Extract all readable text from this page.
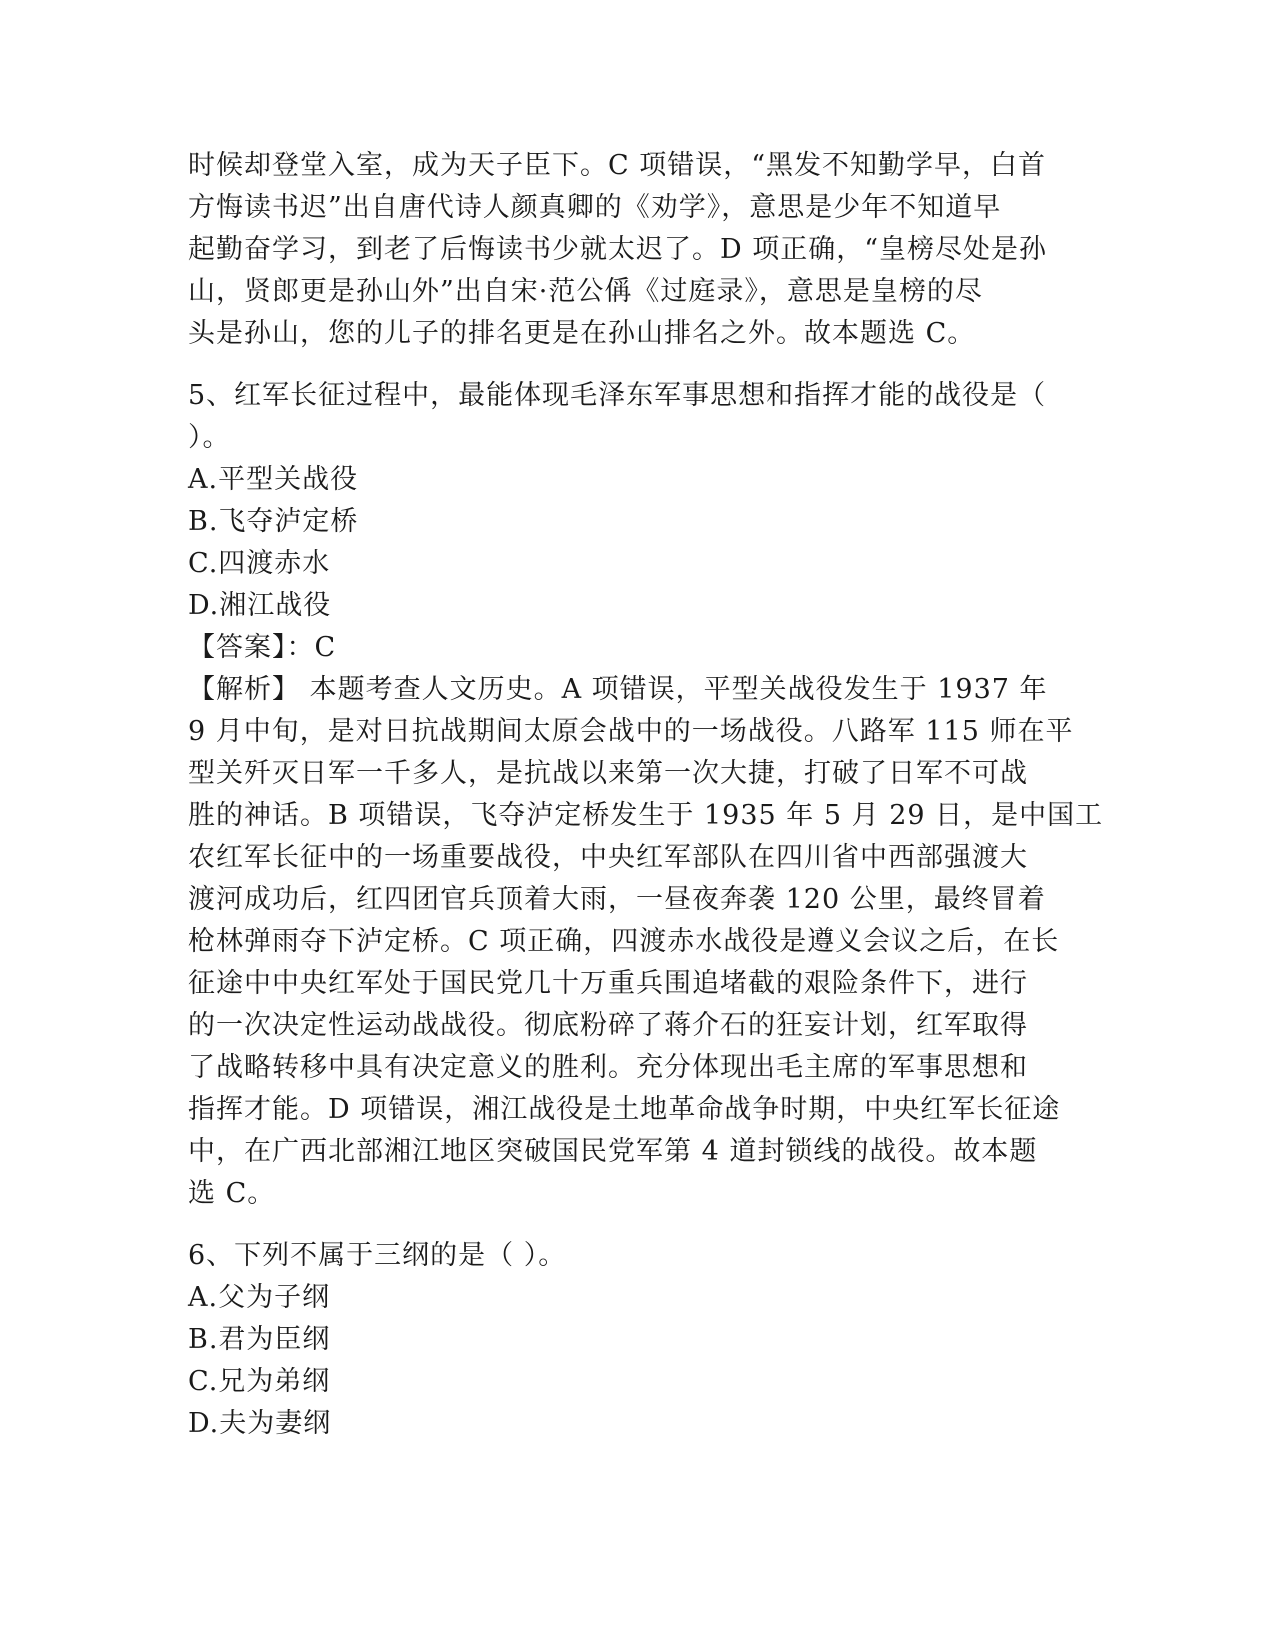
时候却登堂入室，成为天子臣下。C 项错误，“黑发不知勤学早，白首
方悔读书迟”出自唐代诗人颜真卿的《劝学》，意思是少年不知道早
起勤奋学习，到老了后悔读书少就太迟了。D 项正确，“皇榜尽处是孙
山，贤郎更是孙山外”出自宋·范公偁《过庭录》，意思是皇榜的尽
头是孙山，您的儿子的排名更是在孙山排名之外。故本题选 C。
5、红军长征过程中，最能体现毛泽东军事思想和指挥才能的战役是（
）。
A.平型关战役
B.飞夺泸定桥
C.四渡赤水
D.湘江战役
【答案】：C
【解析】 本题考查人文历史。A 项错误，平型关战役发生于 1937 年
9 月中旬，是对日抗战期间太原会战中的一场战役。八路军 115 师在平
型关歼灭日军一千多人，是抗战以来第一次大捷，打破了日军不可战
胜的神话。B 项错误，飞夺泸定桥发生于 1935 年 5 月 29 日，是中国工
农红军长征中的一场重要战役，中央红军部队在四川省中西部强渡大
渡河成功后，红四团官兵顶着大雨，一昼夜奔袭 120 公里，最终冒着
枪林弹雨夺下泸定桥。C 项正确，四渡赤水战役是遵义会议之后，在长
征途中中央红军处于国民党几十万重兵围追堵截的艰险条件下，进行
的一次决定性运动战战役。彻底粉碎了蒋介石的狂妄计划，红军取得
了战略转移中具有决定意义的胜利。充分体现出毛主席的军事思想和
指挥才能。D 项错误，湘江战役是土地革命战争时期，中央红军长征途
中，在广西北部湘江地区突破国民党军第 4 道封锁线的战役。故本题
选 C。
6、下列不属于三纲的是（ ）。
A.父为子纲
B.君为臣纲
C.兄为弟纲
D.夫为妻纲
